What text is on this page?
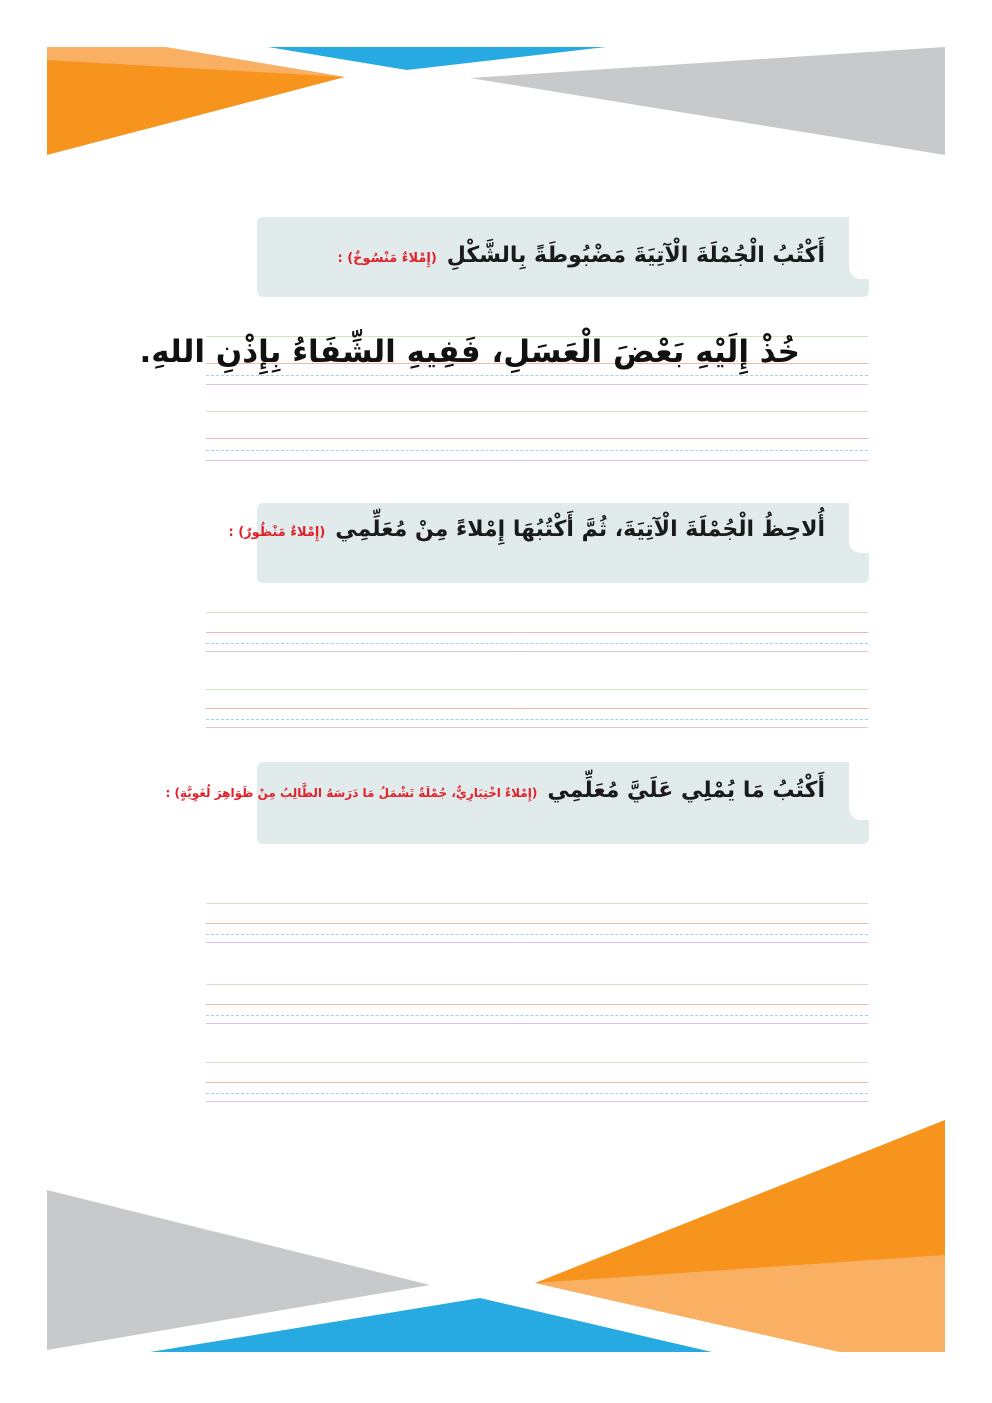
أَكْتُبُ الْجُمْلَةَ الْآتِيَةَ مَضْبُوطَةً بِالشَّكْلِ(إِمْلاءٌ مَنْسُوخٌ) :
خُذْ إِلَيْهِ بَعْضَ الْعَسَلِ، فَفِيهِ الشِّفَاءُ بِإِذْنِ اللهِ.
أُلاحِظُ الْجُمْلَةَ الْآتِيَةَ، ثُمَّ أَكْتُبُهَا إِمْلاءً مِنْ مُعَلِّمِي(إِمْلاءٌ مَنْظُورٌ) :
أَكْتُبُ مَا يُمْلِي عَلَيَّ مُعَلِّمِي(إِمْلاءٌ اخْتِبَارِيٌّ، جُمْلَةٌ تَشْمَلُ مَا دَرَسَهُ الطَّالِبُ مِنْ ظَوَاهِرَ لُغَوِيَّةٍ) :
